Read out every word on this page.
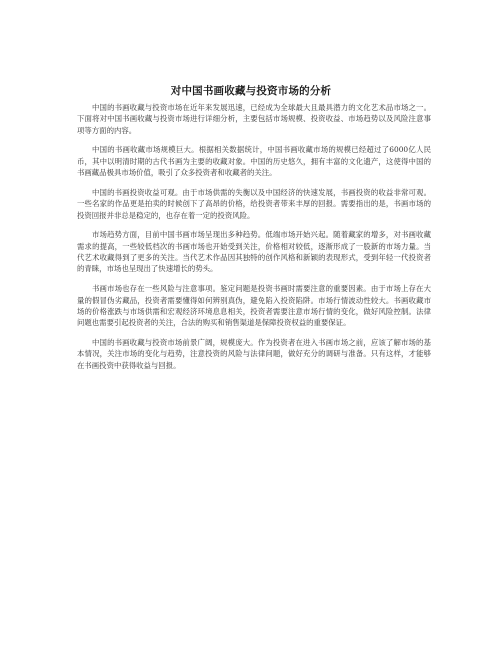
对中国书画收藏与投资市场的分析

中国的书画收藏与投资市场在近年来发展迅速，已经成为全球最大且最具潜力的文化艺术品市场之一。下面将对中国书画收藏与投资市场进行详细分析，主要包括市场规模、投资收益、市场趋势以及风险注意事项等方面的内容。

中国的书画收藏市场规模巨大。根据相关数据统计，中国书画收藏市场的规模已经超过了6000亿人民币，其中以明清时期的古代书画为主要的收藏对象。中国的历史悠久，拥有丰富的文化遗产，这使得中国的书画藏品极具市场价值，吸引了众多投资者和收藏者的关注。

中国的书画投资收益可观。由于市场供需的失衡以及中国经济的快速发展，书画投资的收益非常可观。一些名家的作品更是拍卖的时候创下了高昂的价格，给投资者带来丰厚的回报。需要指出的是，书画市场的投资回报并非总是稳定的，也存在着一定的投资风险。

市场趋势方面，目前中国书画市场呈现出多种趋势。低端市场开始兴起。随着藏家的增多，对书画收藏需求的提高，一些较低档次的书画市场也开始受到关注，价格相对较低，逐渐形成了一股新的市场力量。当代艺术收藏得到了更多的关注。当代艺术作品因其独特的创作风格和新颖的表现形式，受到年轻一代投资者的青睐，市场也呈现出了快速增长的势头。

书画市场也存在一些风险与注意事项。鉴定问题是投资书画时需要注意的重要因素。由于市场上存在大量的假冒伪劣藏品，投资者需要懂得如何辨别真伪，避免陷入投资陷阱。市场行情波动性较大。书画收藏市场的价格涨跌与市场供需和宏观经济环境息息相关，投资者需要注意市场行情的变化，做好风险控制。法律问题也需要引起投资者的关注，合法的购买和销售渠道是保障投资权益的重要保证。

中国的书画收藏与投资市场前景广阔，规模庞大。作为投资者在进入书画市场之前，应该了解市场的基本情况，关注市场的变化与趋势，注意投资的风险与法律问题，做好充分的调研与准备。只有这样，才能够在书画投资中获得收益与回报。
